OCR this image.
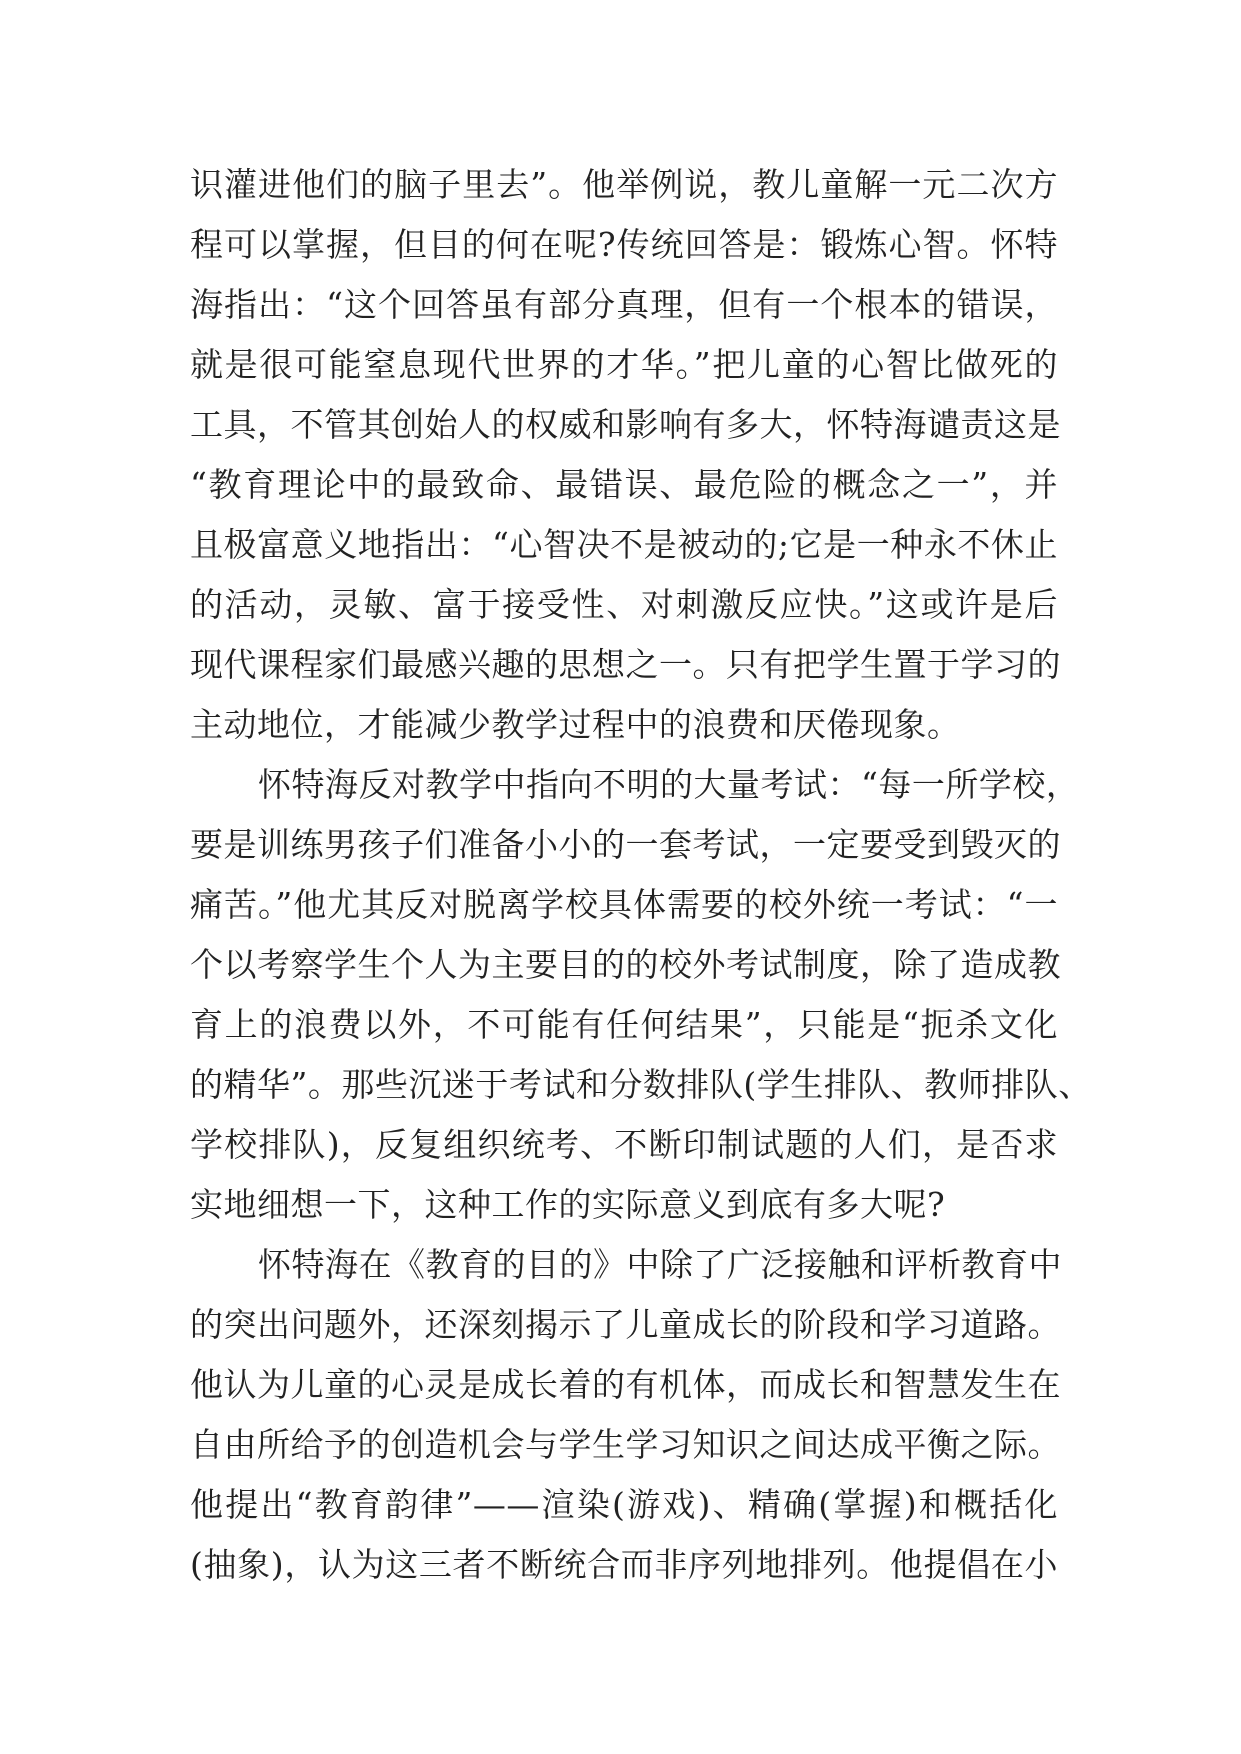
识灌进他们的脑子里去”。他举例说，教儿童解一元二次方
程可以掌握，但目的何在呢?传统回答是：锻炼心智。怀特
海指出：“这个回答虽有部分真理，但有一个根本的错误，
就是很可能窒息现代世界的才华。”把儿童的心智比做死的
工具，不管其创始人的权威和影响有多大，怀特海谴责这是
“教育理论中的最致命、最错误、最危险的概念之一”，并
且极富意义地指出：“心智决不是被动的;它是一种永不休止
的活动，灵敏、富于接受性、对刺激反应快。”这或许是后
现代课程家们最感兴趣的思想之一。只有把学生置于学习的
主动地位，才能减少教学过程中的浪费和厌倦现象。
怀特海反对教学中指向不明的大量考试：“每一所学校，
要是训练男孩子们准备小小的一套考试，一定要受到毁灭的
痛苦。”他尤其反对脱离学校具体需要的校外统一考试：“一
个以考察学生个人为主要目的的校外考试制度，除了造成教
育上的浪费以外，不可能有任何结果”，只能是“扼杀文化
的精华”。那些沉迷于考试和分数排队(学生排队、教师排队、
学校排队)，反复组织统考、不断印制试题的人们，是否求
实地细想一下，这种工作的实际意义到底有多大呢?
怀特海在《教育的目的》中除了广泛接触和评析教育中
的突出问题外，还深刻揭示了儿童成长的阶段和学习道路。
他认为儿童的心灵是成长着的有机体，而成长和智慧发生在
自由所给予的创造机会与学生学习知识之间达成平衡之际。
他提出“教育韵律”——渲染(游戏)、精确(掌握)和概括化
(抽象)，认为这三者不断统合而非序列地排列。他提倡在小
